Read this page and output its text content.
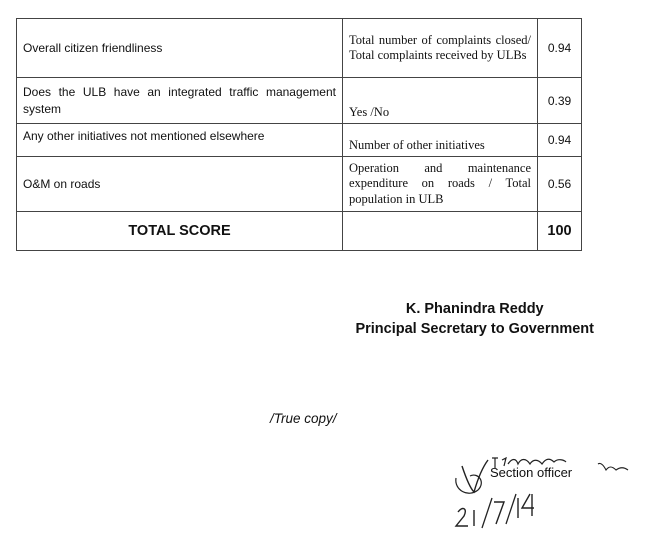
Overall citizen friendliness	Total number of complaints closed/ Total complaints received by ULBs	0.94
Does the ULB have an integrated traffic management system	Yes /No	0.39
Any other initiatives not mentioned elsewhere	Number of other initiatives	0.94
O&M on roads	Operation and maintenance expenditure on roads / Total population in ULB	0.56
TOTAL SCORE		100
K. Phanindra Reddy
Principal Secretary to Government
/True copy/
Section officer
